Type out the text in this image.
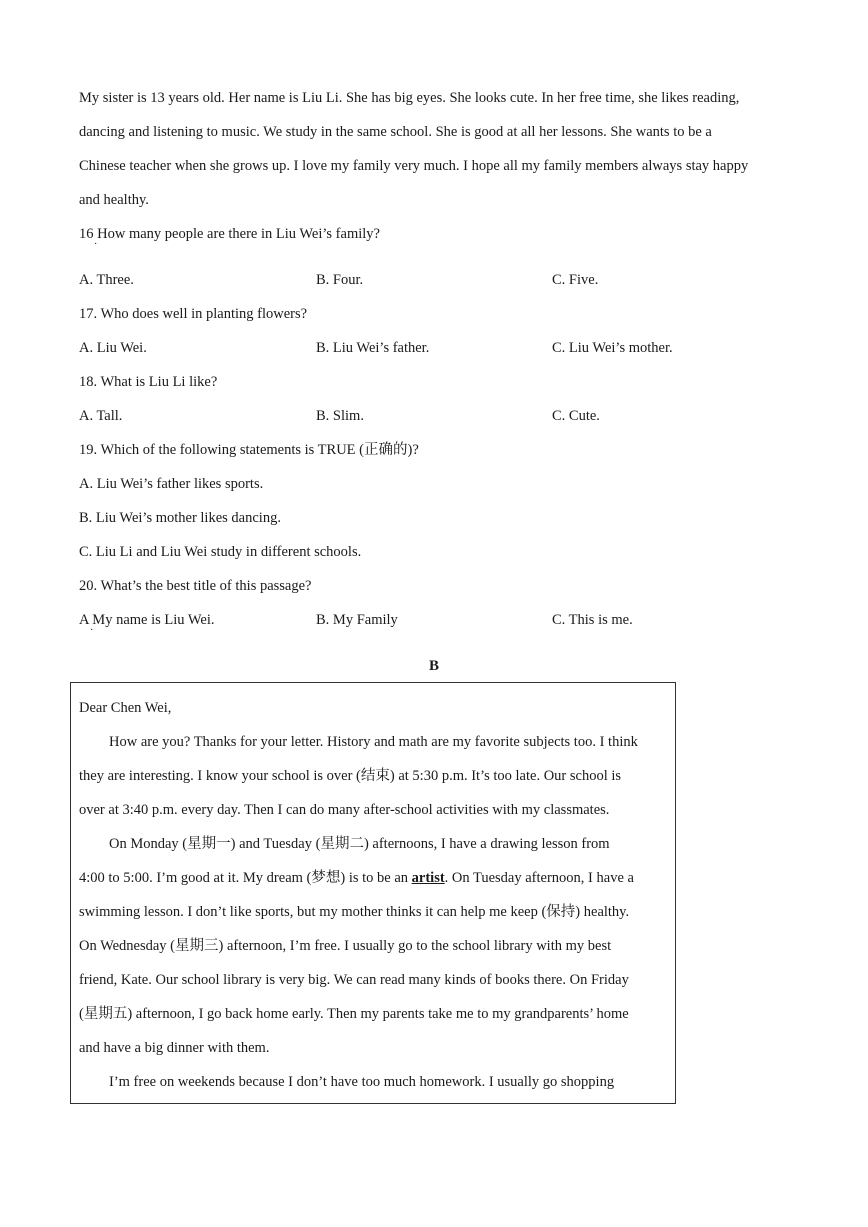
My sister is 13 years old. Her name is Liu Li. She has big eyes. She looks cute. In her free time, she likes reading,
dancing and listening to music. We study in the same school. She is good at all her lessons. She wants to be a
Chinese teacher when she grows up. I love my family very much. I hope all my family members always stay happy
and healthy.
16 How many people are there in Liu Wei’s family?
·
A. Three.	B. Four.	C. Five.
17. Who does well in planting flowers?
A. Liu Wei.	B. Liu Wei’s father.	C. Liu Wei’s mother.
18. What is Liu Li like?
A. Tall.	B. Slim.	C. Cute.
19. Which of the following statements is TRUE (正确的)?
A. Liu Wei’s father likes sports.
B. Liu Wei’s mother likes dancing.
C. Liu Li and Liu Wei study in different schools.
20. What’s the best title of this passage?
A My name is Liu Wei.
·
B. My Family	C. This is me.
B
Dear Chen Wei,
How are you? Thanks for your letter. History and math are my favorite subjects too. I think
they are interesting. I know your school is over (结束) at 5:30 p.m. It’s too late. Our school is
over at 3:40 p.m. every day. Then I can do many after-school activities with my classmates.
On Monday (星期一) and Tuesday (星期二) afternoons, I have a drawing lesson from
4:00 to 5:00. I’m good at it. My dream (梦想) is to be an artist. On Tuesday afternoon, I have a
swimming lesson. I don’t like sports, but my mother thinks it can help me keep (保持) healthy.
On Wednesday (星期三) afternoon, I’m free. I usually go to the school library with my best
friend, Kate. Our school library is very big. We can read many kinds of books there. On Friday
(星期五) afternoon, I go back home early. Then my parents take me to my grandparents’ home
and have a big dinner with them.
I’m free on weekends because I don’t have too much homework. I usually go shopping
